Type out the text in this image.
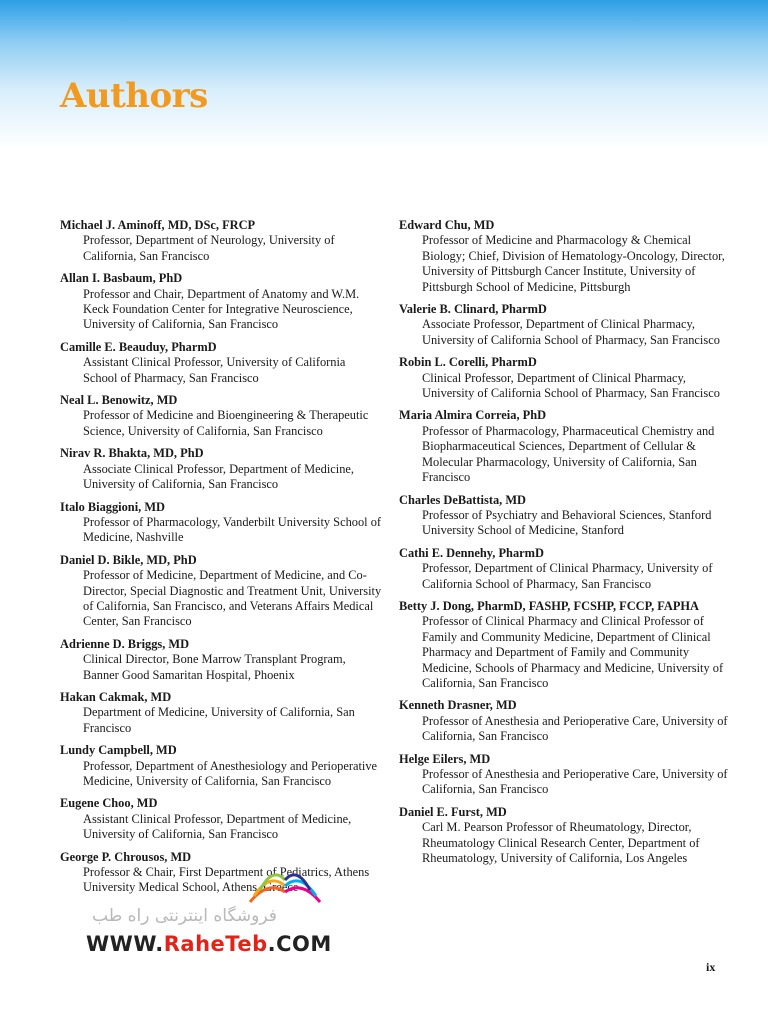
Authors
Michael J. Aminoff, MD, DSc, FRCP
Professor, Department of Neurology, University of California, San Francisco
Allan I. Basbaum, PhD
Professor and Chair, Department of Anatomy and W.M. Keck Foundation Center for Integrative Neuroscience, University of California, San Francisco
Camille E. Beauduy, PharmD
Assistant Clinical Professor, University of California School of Pharmacy, San Francisco
Neal L. Benowitz, MD
Professor of Medicine and Bioengineering & Therapeutic Science, University of California, San Francisco
Nirav R. Bhakta, MD, PhD
Associate Clinical Professor, Department of Medicine, University of California, San Francisco
Italo Biaggioni, MD
Professor of Pharmacology, Vanderbilt University School of Medicine, Nashville
Daniel D. Bikle, MD, PhD
Professor of Medicine, Department of Medicine, and Co-Director, Special Diagnostic and Treatment Unit, University of California, San Francisco, and Veterans Affairs Medical Center, San Francisco
Adrienne D. Briggs, MD
Clinical Director, Bone Marrow Transplant Program, Banner Good Samaritan Hospital, Phoenix
Hakan Cakmak, MD
Department of Medicine, University of California, San Francisco
Lundy Campbell, MD
Professor, Department of Anesthesiology and Perioperative Medicine, University of California, San Francisco
Eugene Choo, MD
Assistant Clinical Professor, Department of Medicine, University of California, San Francisco
George P. Chrousos, MD
Professor & Chair, First Department of Pediatrics, Athens University Medical School, Athens, Greece
Edward Chu, MD
Professor of Medicine and Pharmacology & Chemical Biology; Chief, Division of Hematology-Oncology, Director, University of Pittsburgh Cancer Institute, University of Pittsburgh School of Medicine, Pittsburgh
Valerie B. Clinard, PharmD
Associate Professor, Department of Clinical Pharmacy, University of California School of Pharmacy, San Francisco
Robin L. Corelli, PharmD
Clinical Professor, Department of Clinical Pharmacy, University of California School of Pharmacy, San Francisco
Maria Almira Correia, PhD
Professor of Pharmacology, Pharmaceutical Chemistry and Biopharmaceutical Sciences, Department of Cellular & Molecular Pharmacology, University of California, San Francisco
Charles DeBattista, MD
Professor of Psychiatry and Behavioral Sciences, Stanford University School of Medicine, Stanford
Cathi E. Dennehy, PharmD
Professor, Department of Clinical Pharmacy, University of California School of Pharmacy, San Francisco
Betty J. Dong, PharmD, FASHP, FCSHP, FCCP, FAPHA
Professor of Clinical Pharmacy and Clinical Professor of Family and Community Medicine, Department of Clinical Pharmacy and Department of Family and Community Medicine, Schools of Pharmacy and Medicine, University of California, San Francisco
Kenneth Drasner, MD
Professor of Anesthesia and Perioperative Care, University of California, San Francisco
Helge Eilers, MD
Professor of Anesthesia and Perioperative Care, University of California, San Francisco
Daniel E. Furst, MD
Carl M. Pearson Professor of Rheumatology, Director, Rheumatology Clinical Research Center, Department of Rheumatology, University of California, Los Angeles
فروشگاه اینترنتی راه طب
WWW.RaheTeb.COM
ix
